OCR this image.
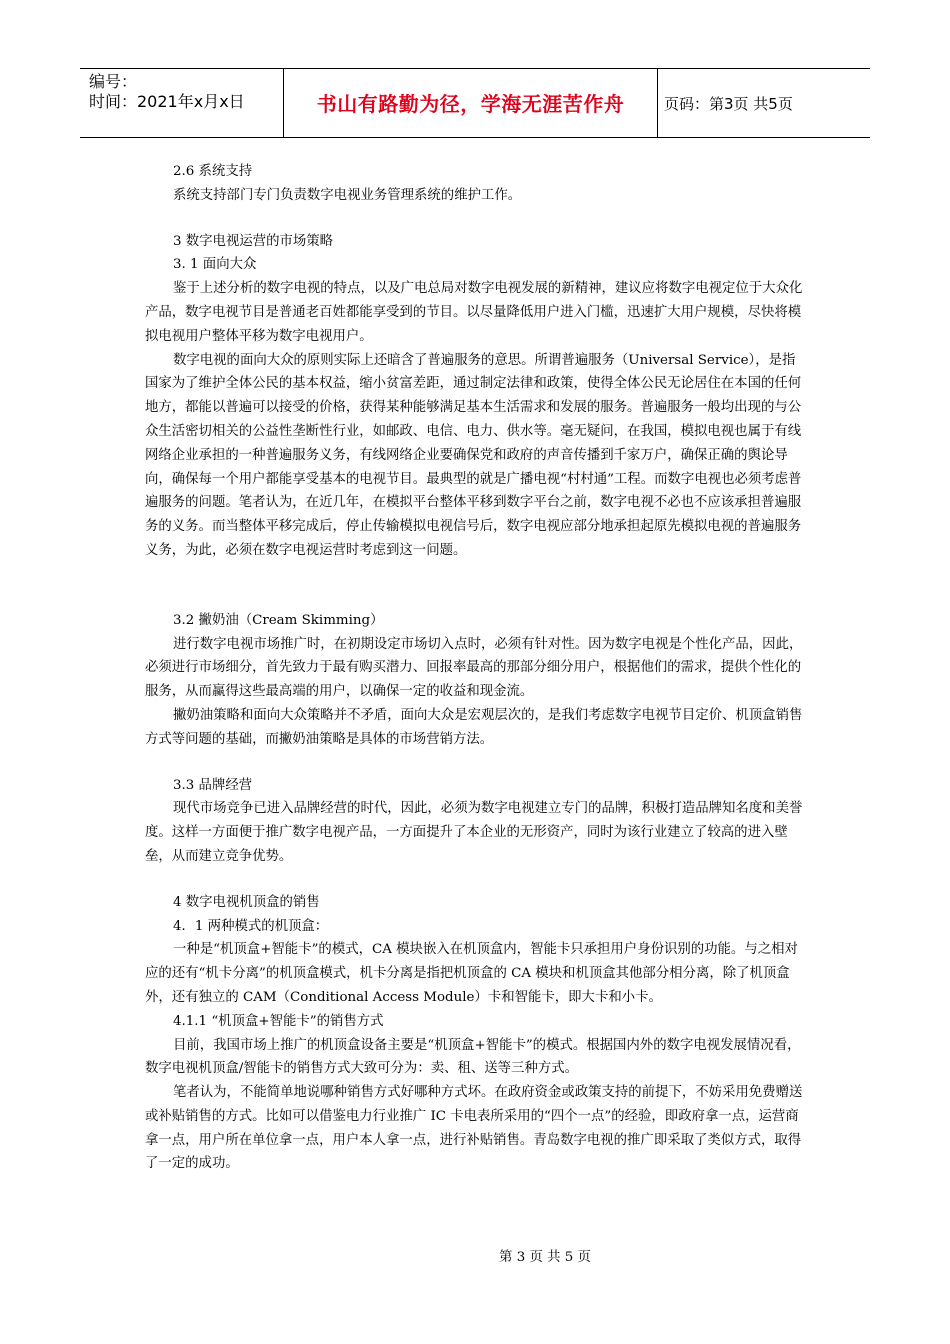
编号：
时间：2021年x月x日	书山有路勤为径，学海无涯苦作舟	页码：第3页 共5页

2.6 系统支持

系统支持部门专门负责数字电视业务管理系统的维护工作。

3 数字电视运营的市场策略

3. 1 面向大众

鉴于上述分析的数字电视的特点，以及广电总局对数字电视发展的新精神，建议应将数字电视定位于大众化产品，数字电视节目是普通老百姓都能享受到的节目。以尽量降低用户进入门槛，迅速扩大用户规模，尽快将模拟电视用户整体平移为数字电视用户。

数字电视的面向大众的原则实际上还暗含了普遍服务的意思。所谓普遍服务（Universal Service），是指国家为了维护全体公民的基本权益，缩小贫富差距，通过制定法律和政策，使得全体公民无论居住在本国的任何地方，都能以普遍可以接受的价格，获得某种能够满足基本生活需求和发展的服务。普遍服务一般均出现的与公众生活密切相关的公益性垄断性行业，如邮政、电信、电力、供水等。毫无疑问，在我国，模拟电视也属于有线网络企业承担的一种普遍服务义务，有线网络企业要确保党和政府的声音传播到千家万户，确保正确的舆论导向，确保每一个用户都能享受基本的电视节目。最典型的就是广播电视“村村通”工程。而数字电视也必须考虑普遍服务的问题。笔者认为，在近几年，在模拟平台整体平移到数字平台之前，数字电视不必也不应该承担普遍服务的义务。而当整体平移完成后，停止传输模拟电视信号后，数字电视应部分地承担起原先模拟电视的普遍服务义务，为此，必须在数字电视运营时考虑到这一问题。

3.2 撇奶油（Cream Skimming）

进行数字电视市场推广时，在初期设定市场切入点时，必须有针对性。因为数字电视是个性化产品，因此，必须进行市场细分，首先致力于最有购买潜力、回报率最高的那部分细分用户，根据他们的需求，提供个性化的服务，从而赢得这些最高端的用户，以确保一定的收益和现金流。

撇奶油策略和面向大众策略并不矛盾，面向大众是宏观层次的，是我们考虑数字电视节目定价、机顶盒销售方式等问题的基础，而撇奶油策略是具体的市场营销方法。

3.3 品牌经营

现代市场竞争已进入品牌经营的时代，因此，必须为数字电视建立专门的品牌，积极打造品牌知名度和美誉度。这样一方面便于推广数字电视产品，一方面提升了本企业的无形资产，同时为该行业建立了较高的进入壁垒，从而建立竞争优势。

4 数字电视机顶盒的销售

4．1 两种模式的机顶盒：

一种是“机顶盒+智能卡”的模式，CA 模块嵌入在机顶盒内，智能卡只承担用户身份识别的功能。与之相对应的还有“机卡分离”的机顶盒模式，机卡分离是指把机顶盒的 CA 模块和机顶盒其他部分相分离，除了机顶盒外，还有独立的 CAM（Conditional Access Module）卡和智能卡，即大卡和小卡。

4.1.1 “机顶盒+智能卡”的销售方式

目前，我国市场上推广的机顶盒设备主要是“机顶盒+智能卡”的模式。根据国内外的数字电视发展情况看，数字电视机顶盒/智能卡的销售方式大致可分为：卖、租、送等三种方式。

笔者认为，不能简单地说哪种销售方式好哪种方式坏。在政府资金或政策支持的前提下，不妨采用免费赠送或补贴销售的方式。比如可以借鉴电力行业推广 IC 卡电表所采用的“四个一点”的经验，即政府拿一点，运营商拿一点，用户所在单位拿一点，用户本人拿一点，进行补贴销售。青岛数字电视的推广即采取了类似方式，取得了一定的成功。

第 3 页 共 5 页
